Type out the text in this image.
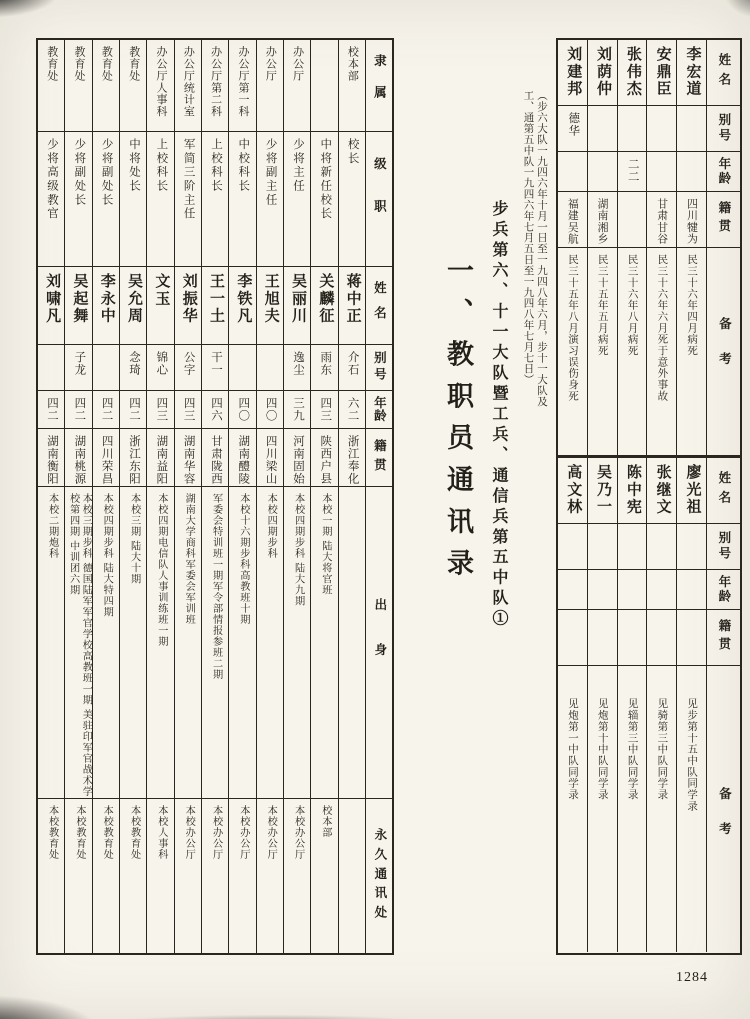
隶属
级职
姓名
别号
年龄
籍贯
出身
永久通讯处
校本部
校长
蒋中正
介石
六二
浙江奉化
中将新任校长
关麟征
雨东
四三
陕西户县
本校一期 陆大将官班
校本部
办公厅
少将主任
吴丽川
逸尘
三九
河南固始
本校四期步科 陆大九期
本校办公厅
办公厅
少将副主任
王旭夫
四〇
四川梁山
本校四期步科
本校办公厅
办公厅第一科
中校科长
李铁凡
四〇
湖南醴陵
本校十六期步科高教班十期
本校办公厅
办公厅第二科
上校科长
王一土
干一
四六
甘肃陇西
军委会特训班一期军令部情报参班二期
本校办公厅
办公厅统计室
军简三阶主任
刘振华
公字
四三
湖南华容
湖南大学商科军委会军训班
本校办公厅
办公厅人事科
上校科长
文玉
锦心
四三
湖南益阳
本校四期电信队人事训练班一期
本校人事科
教育处
中将处长
吴允周
念琦
四二
浙江东阳
本校三期 陆大十期
本校教育处
教育处
少将副处长
李永中
四二
四川荣昌
本校四期步科 陆大特四期
本校教育处
教育处
少将副处长
吴起舞
子龙
四二
湖南桃源
本校三期步科 德国陆军军官学校高教班一期 美驻印军官战术学校第四期 中训团六期
本校教育处
教育处
少将高级教官
刘啸凡
四二
湖南衡阳
本校二期炮科
本校教育处
（步六大队一九四六年十月一日至一九四八年六月，步十一大队及工、通第五中队一九四六年七月五日至一九四八年七月七日）
步兵第六、十一大队暨工兵、通信兵第五中队①
一、教职员通讯录
姓名
别号
年龄
籍贯
备考
李宏道
四川犍为
民三十六年四月病死
安鼎臣
甘肃甘谷
民三十六年六月死于意外事故
张伟杰
二二
民三十六年八月病死
刘荫仲
湖南湘乡
民三十五年五月病死
刘建邦
德华
福建吴航
民三十五年八月演习误伤身死
姓名
别号
年龄
籍贯
备考
廖光祖
见步第十五中队同学录
张继文
见骑第三中队同学录
陈中宪
见辎第三中队同学录
吴乃一
见炮第十中队同学录
高文林
见炮第一中队同学录
1284
